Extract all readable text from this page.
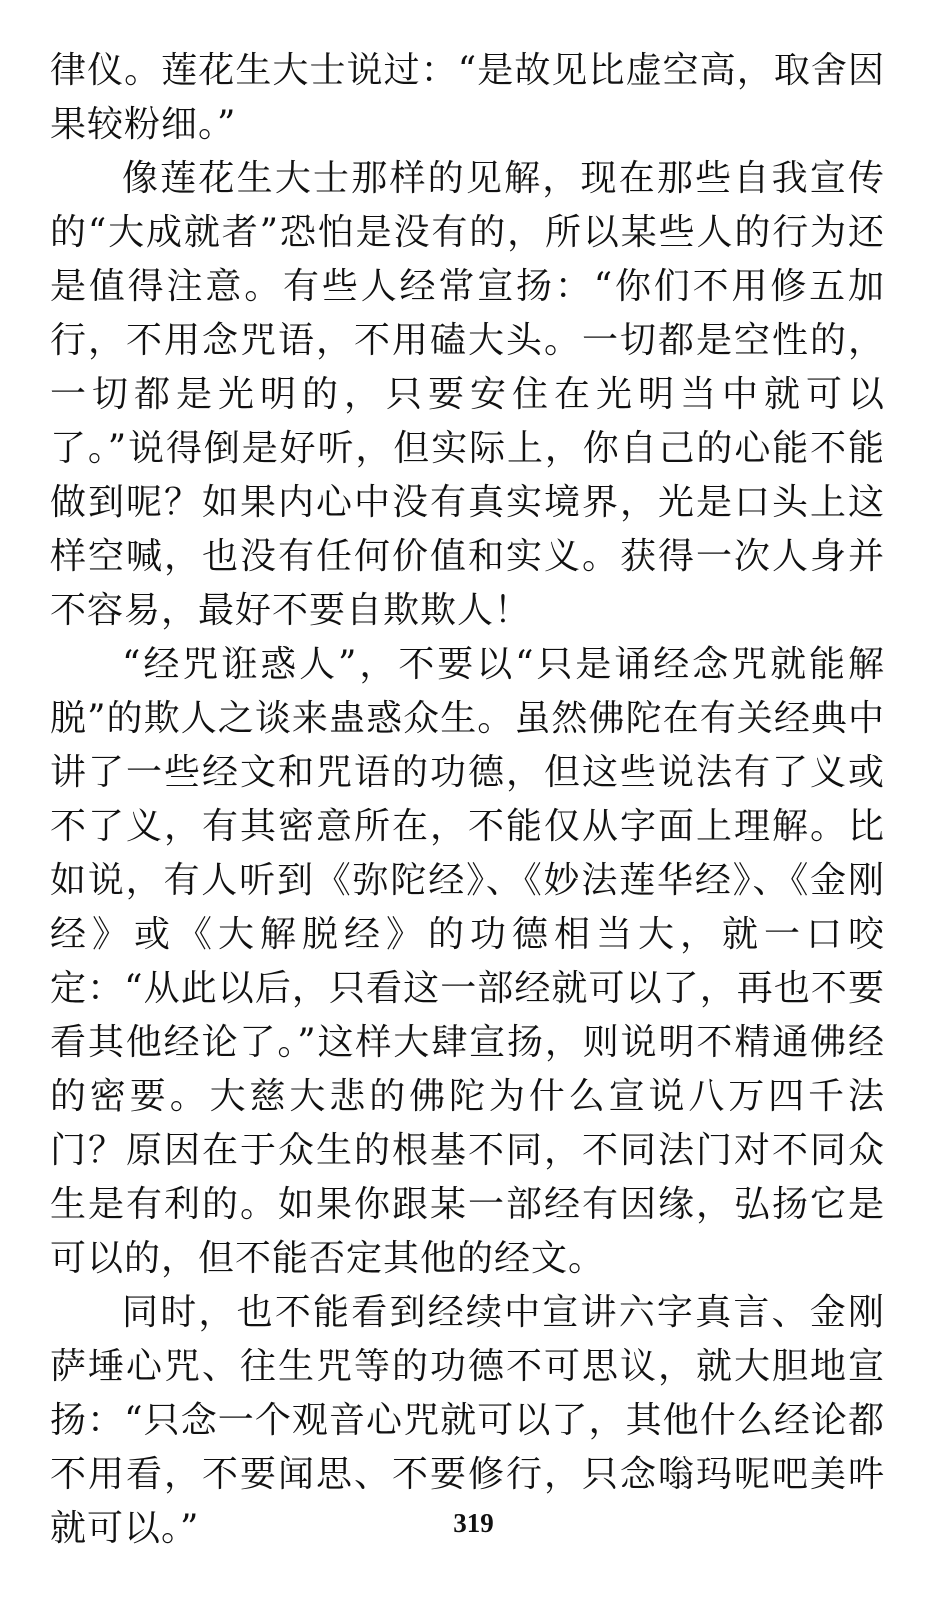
律仪。莲花生大士说过：“是故见比虚空高，取舍因果较粉细。”

像莲花生大士那样的见解，现在那些自我宣传的“大成就者”恐怕是没有的，所以某些人的行为还是值得注意。有些人经常宣扬：“你们不用修五加行，不用念咒语，不用磕大头。一切都是空性的，一切都是光明的，只要安住在光明当中就可以了。”说得倒是好听，但实际上，你自己的心能不能做到呢？如果内心中没有真实境界，光是口头上这样空喊，也没有任何价值和实义。获得一次人身并不容易，最好不要自欺欺人！

“经咒诳惑人”，不要以“只是诵经念咒就能解脱”的欺人之谈来蛊惑众生。虽然佛陀在有关经典中讲了一些经文和咒语的功德，但这些说法有了义或不了义，有其密意所在，不能仅从字面上理解。比如说，有人听到《弥陀经》、《妙法莲华经》、《金刚经》或《大解脱经》的功德相当大，就一口咬定：“从此以后，只看这一部经就可以了，再也不要看其他经论了。”这样大肆宣扬，则说明不精通佛经的密要。大慈大悲的佛陀为什么宣说八万四千法门？原因在于众生的根基不同，不同法门对不同众生是有利的。如果你跟某一部经有因缘，弘扬它是可以的，但不能否定其他的经文。

同时，也不能看到经续中宣讲六字真言、金刚萨埵心咒、往生咒等的功德不可思议，就大胆地宣扬：“只念一个观音心咒就可以了，其他什么经论都不用看，不要闻思、不要修行，只念嗡玛呢吧美吽就可以。”	319
